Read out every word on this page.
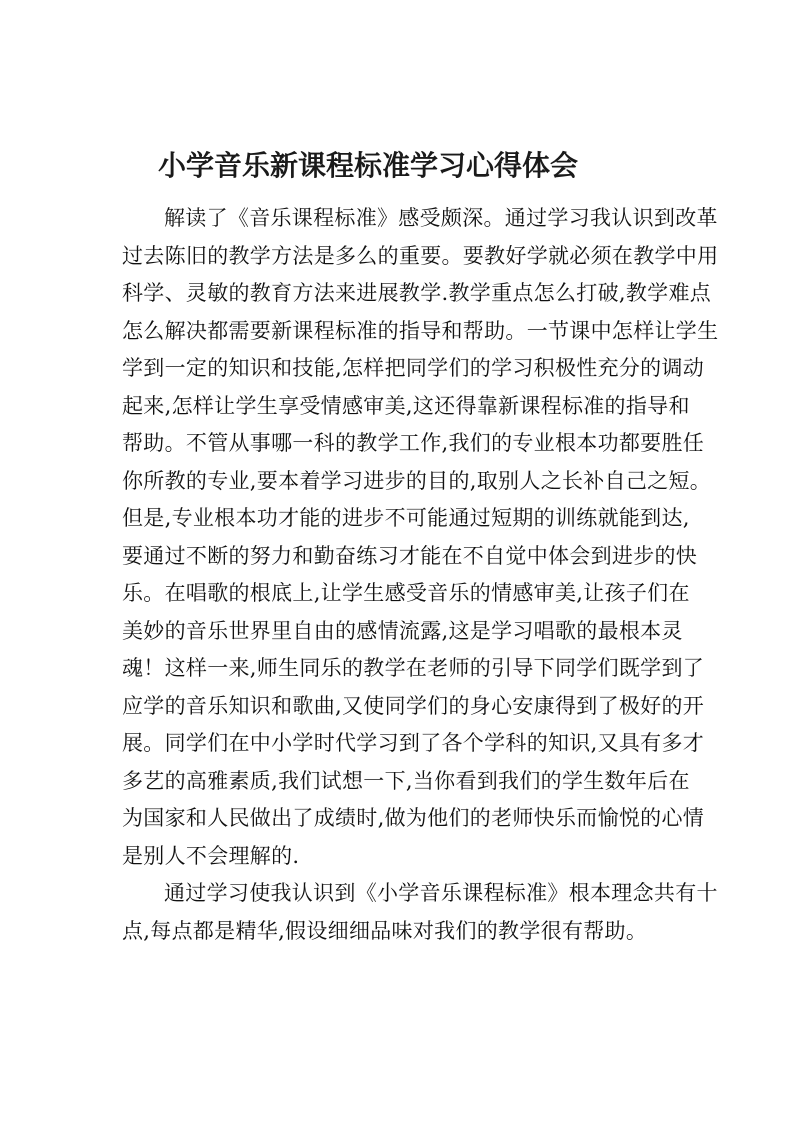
小学音乐新课程标准学习心得体会

解读了《音乐课程标准》感受颇深。通过学习我认识到改革
过去陈旧的教学方法是多么的重要。要教好学就必须在教学中用
科学、灵敏的教育方法来进展教学.教学重点怎么打破,教学难点
怎么解决都需要新课程标准的指导和帮助。一节课中怎样让学生
学到一定的知识和技能,怎样把同学们的学习积极性充分的调动
起来,怎样让学生享受情感审美,这还得靠新课程标准的指导和
帮助。不管从事哪一科的教学工作,我们的专业根本功都要胜任
你所教的专业,要本着学习进步的目的,取别人之长补自己之短。
但是,专业根本功才能的进步不可能通过短期的训练就能到达,
要通过不断的努力和勤奋练习才能在不自觉中体会到进步的快
乐。在唱歌的根底上,让学生感受音乐的情感审美,让孩子们在
美妙的音乐世界里自由的感情流露,这是学习唱歌的最根本灵
魂！这样一来,师生同乐的教学在老师的引导下同学们既学到了
应学的音乐知识和歌曲,又使同学们的身心安康得到了极好的开
展。同学们在中小学时代学习到了各个学科的知识,又具有多才
多艺的高雅素质,我们试想一下,当你看到我们的学生数年后在
为国家和人民做出了成绩时,做为他们的老师快乐而愉悦的心情
是别人不会理解的.

通过学习使我认识到《小学音乐课程标准》根本理念共有十
点,每点都是精华,假设细细品味对我们的教学很有帮助。
